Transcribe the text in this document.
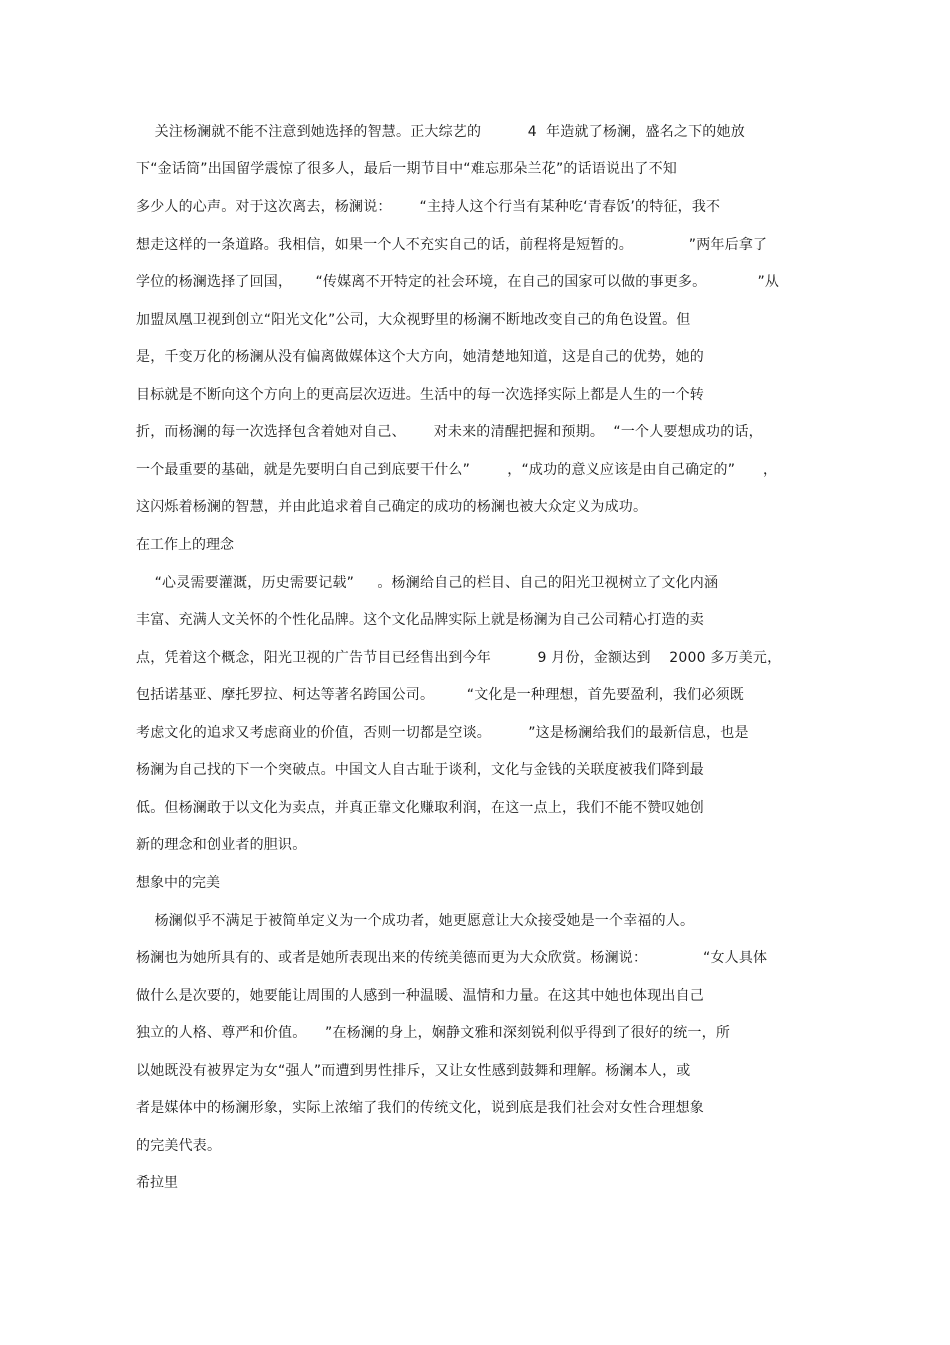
关注杨澜就不能不注意到她选择的智慧。正大综艺的          4  年造就了杨澜，盛名之下的她放
下“金话筒”出国留学震惊了很多人，最后一期节目中“难忘那朵兰花”的话语说出了不知
多少人的心声。对于这次离去，杨澜说：      “主持人这个行当有某种吃‘青春饭’的特征，我不
想走这样的一条道路。我相信，如果一个人不充实自己的话，前程将是短暂的。            ”两年后拿了
学位的杨澜选择了回国，     “传媒离不开特定的社会环境，在自己的国家可以做的事更多。           ”从
加盟凤凰卫视到创立“阳光文化”公司，大众视野里的杨澜不断地改变自己的角色设置。但
是，千变万化的杨澜从没有偏离做媒体这个大方向，她清楚地知道，这是自己的优势，她的
目标就是不断向这个方向上的更高层次迈进。生活中的每一次选择实际上都是人生的一个转
折，而杨澜的每一次选择包含着她对自己、      对未来的清醒把握和预期。  “一个人要想成功的话，
一个最重要的基础，就是先要明白自己到底要干什么”        ，“成功的意义应该是由自己确定的”      ，
这闪烁着杨澜的智慧，并由此追求着自己确定的成功的杨澜也被大众定义为成功。
在工作上的理念
“心灵需要灌溉，历史需要记载”     。杨澜给自己的栏目、自己的阳光卫视树立了文化内涵
丰富、充满人文关怀的个性化品牌。这个文化品牌实际上就是杨澜为自己公司精心打造的卖
点，凭着这个概念，阳光卫视的广告节目已经售出到今年          9 月份，金额达到    2000 多万美元，
包括诺基亚、摩托罗拉、柯达等著名跨国公司。       “文化是一种理想，首先要盈利，我们必须既
考虑文化的追求又考虑商业的价值，否则一切都是空谈。        ”这是杨澜给我们的最新信息，也是
杨澜为自己找的下一个突破点。中国文人自古耻于谈利，文化与金钱的关联度被我们降到最
低。但杨澜敢于以文化为卖点，并真正靠文化赚取利润，在这一点上，我们不能不赞叹她创
新的理念和创业者的胆识。
想象中的完美
杨澜似乎不满足于被简单定义为一个成功者，她更愿意让大众接受她是一个幸福的人。
杨澜也为她所具有的、或者是她所表现出来的传统美德而更为大众欣赏。杨澜说：            “女人具体
做什么是次要的，她要能让周围的人感到一种温暖、温情和力量。在这其中她也体现出自己
独立的人格、尊严和价值。    ”在杨澜的身上，娴静文雅和深刻锐利似乎得到了很好的统一，所
以她既没有被界定为女“强人”而遭到男性排斥，又让女性感到鼓舞和理解。杨澜本人，或
者是媒体中的杨澜形象，实际上浓缩了我们的传统文化，说到底是我们社会对女性合理想象
的完美代表。
希拉里
